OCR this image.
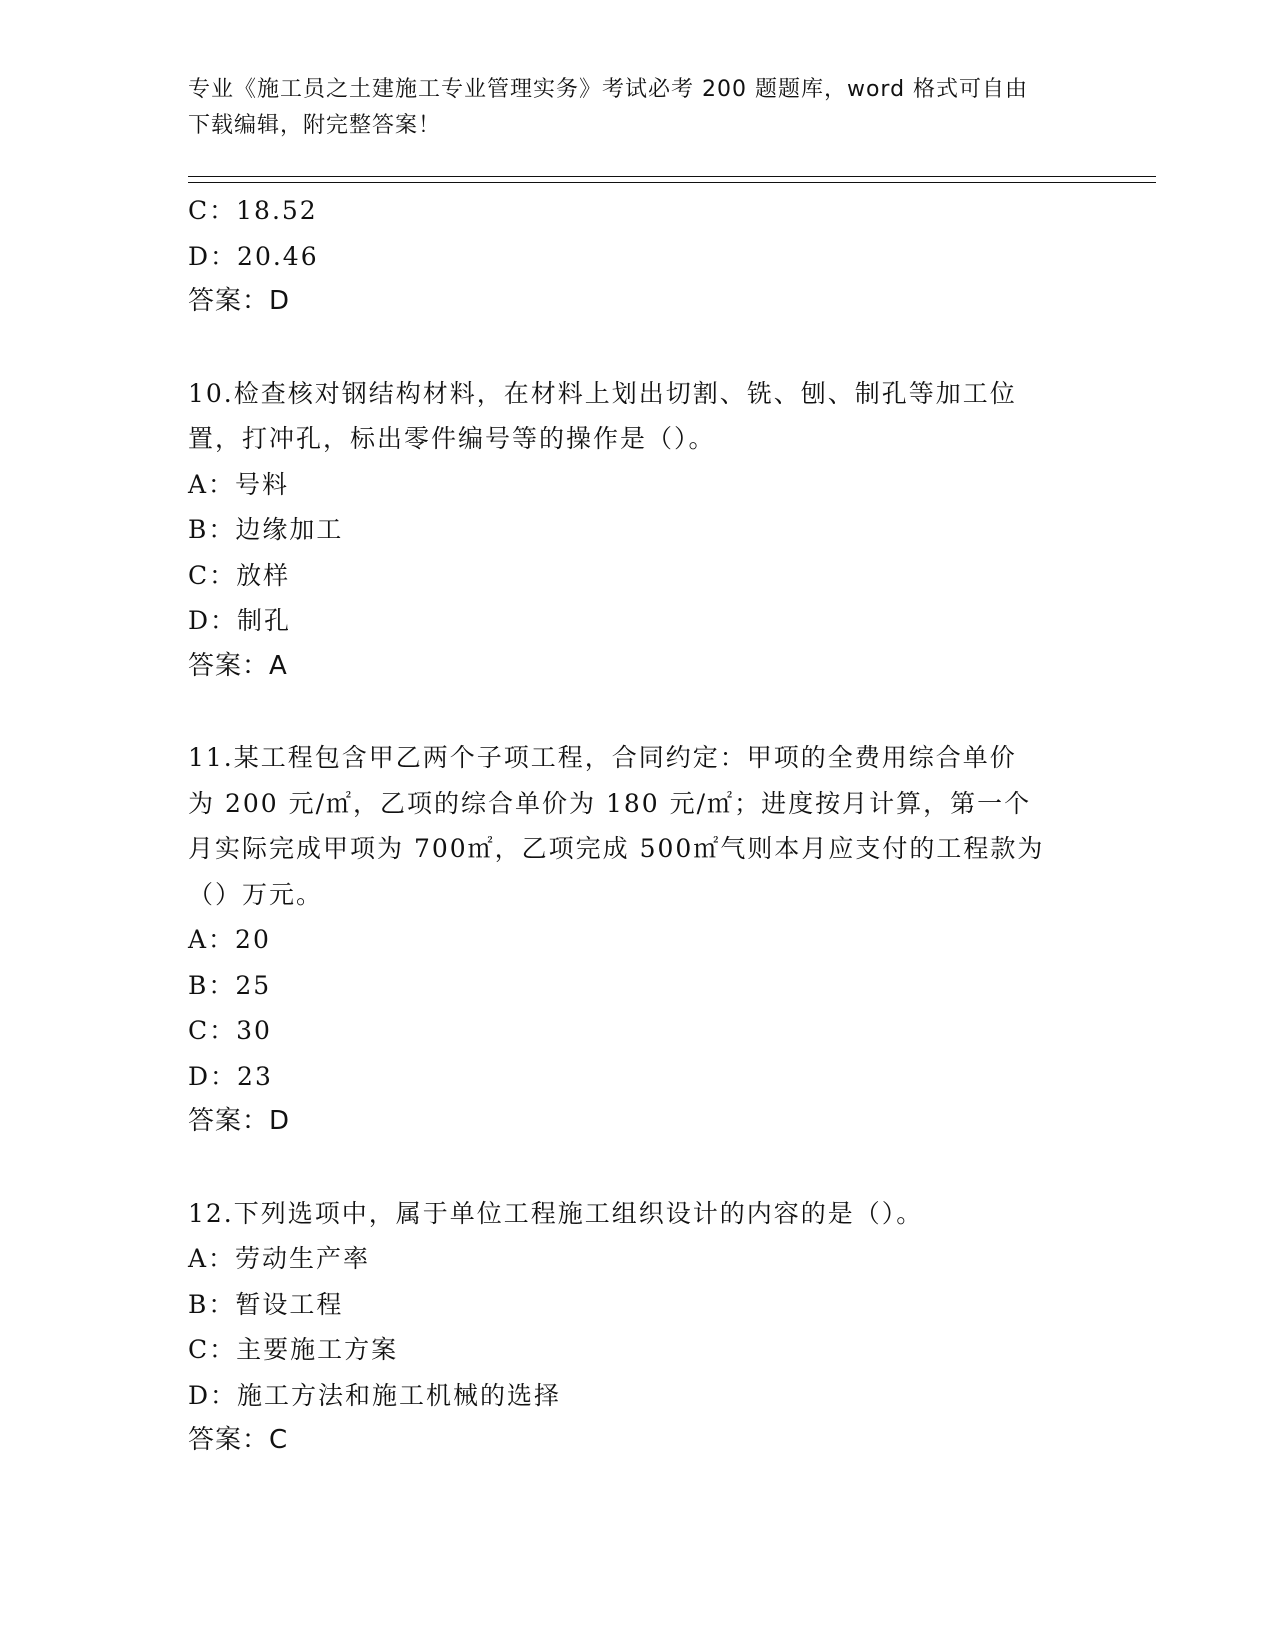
专业《施工员之土建施工专业管理实务》考试必考 200 题题库，word 格式可自由
下载编辑，附完整答案！
C：18.52
D：20.46
答案：D
10.检查核对钢结构材料，在材料上划出切割、铣、刨、制孔等加工位
置，打冲孔，标出零件编号等的操作是（）。
A：号料
B：边缘加工
C：放样
D：制孔
答案：A
11.某工程包含甲乙两个子项工程，合同约定：甲项的全费用综合单价
为 200 元/㎡，乙项的综合单价为 180 元/㎡；进度按月计算，第一个
月实际完成甲项为 700㎡，乙项完成 500㎡气则本月应支付的工程款为
（）万元。
A：20
B：25
C：30
D：23
答案：D
12.下列选项中，属于单位工程施工组织设计的内容的是（）。
A：劳动生产率
B：暂设工程
C：主要施工方案
D：施工方法和施工机械的选择
答案：C
